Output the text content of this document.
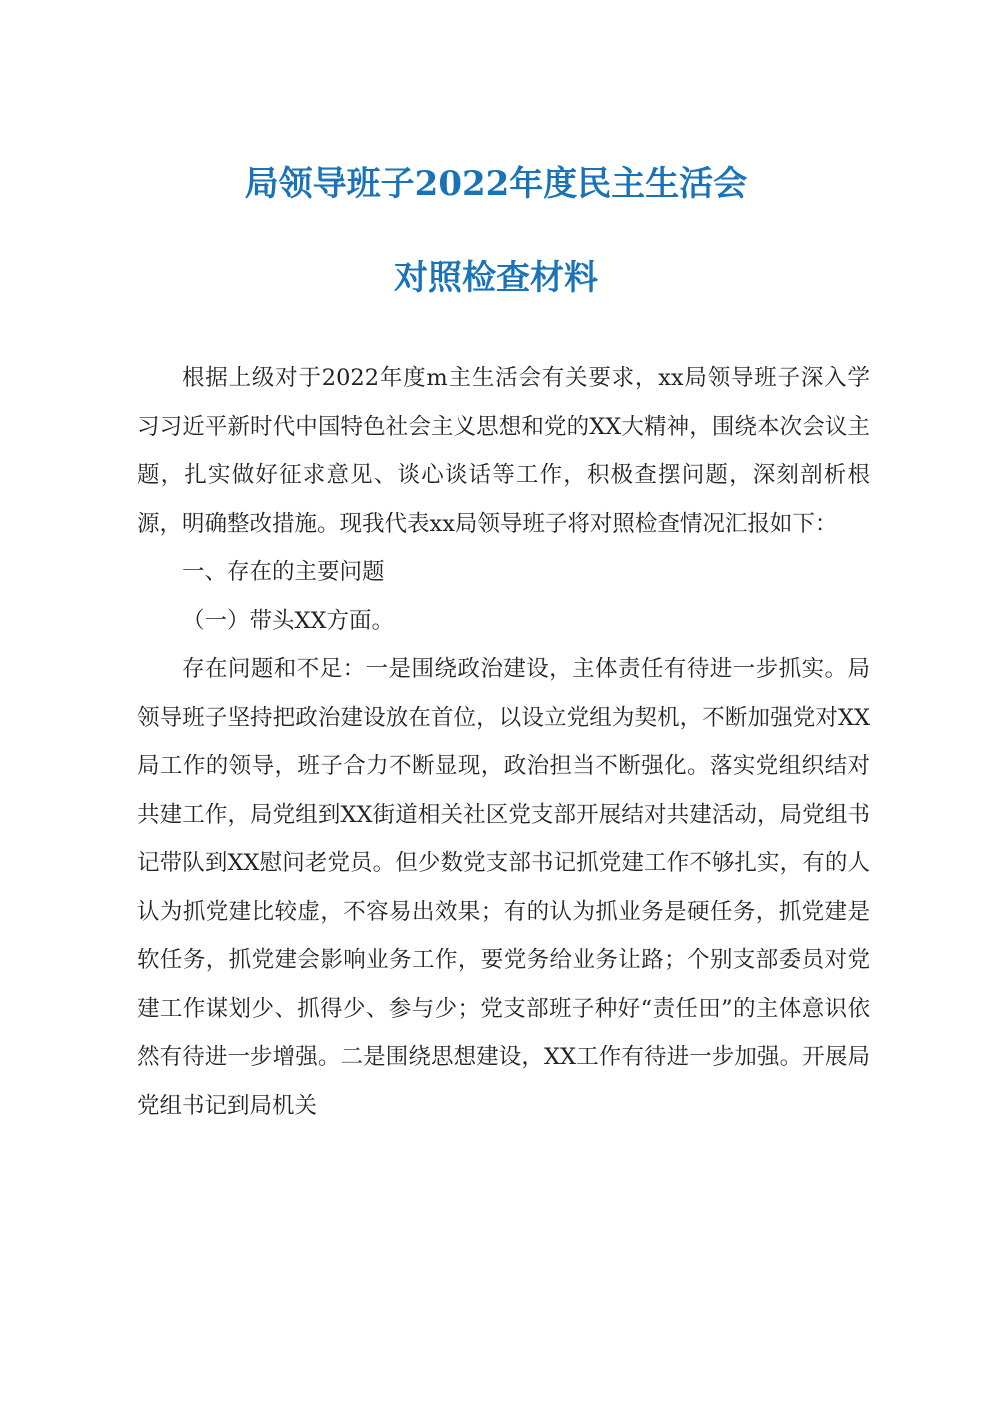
局领导班子2022年度民主生活会
对照检查材料
根据上级对于2022年度m主生活会有关要求，xx局领导班子深入学习习近平新时代中国特色社会主义思想和党的XX大精神，围绕本次会议主题，扎实做好征求意见、谈心谈话等工作，积极查摆问题，深刻剖析根源，明确整改措施。现我代表xx局领导班子将对照检查情况汇报如下：
一、存在的主要问题
（一）带头XX方面。
存在问题和不足：一是围绕政治建设，主体责任有待进一步抓实。局领导班子坚持把政治建设放在首位，以设立党组为契机，不断加强党对XX局工作的领导，班子合力不断显现，政治担当不断强化。落实党组织结对共建工作，局党组到XX街道相关社区党支部开展结对共建活动，局党组书记带队到XX慰问老党员。但少数党支部书记抓党建工作不够扎实，有的人认为抓党建比较虚，不容易出效果；有的认为抓业务是硬任务，抓党建是软任务，抓党建会影响业务工作，要党务给业务让路；个别支部委员对党建工作谋划少、抓得少、参与少；党支部班子种好“责任田”的主体意识依然有待进一步增强。二是围绕思想建设，XX工作有待进一步加强。开展局党组书记到局机关
